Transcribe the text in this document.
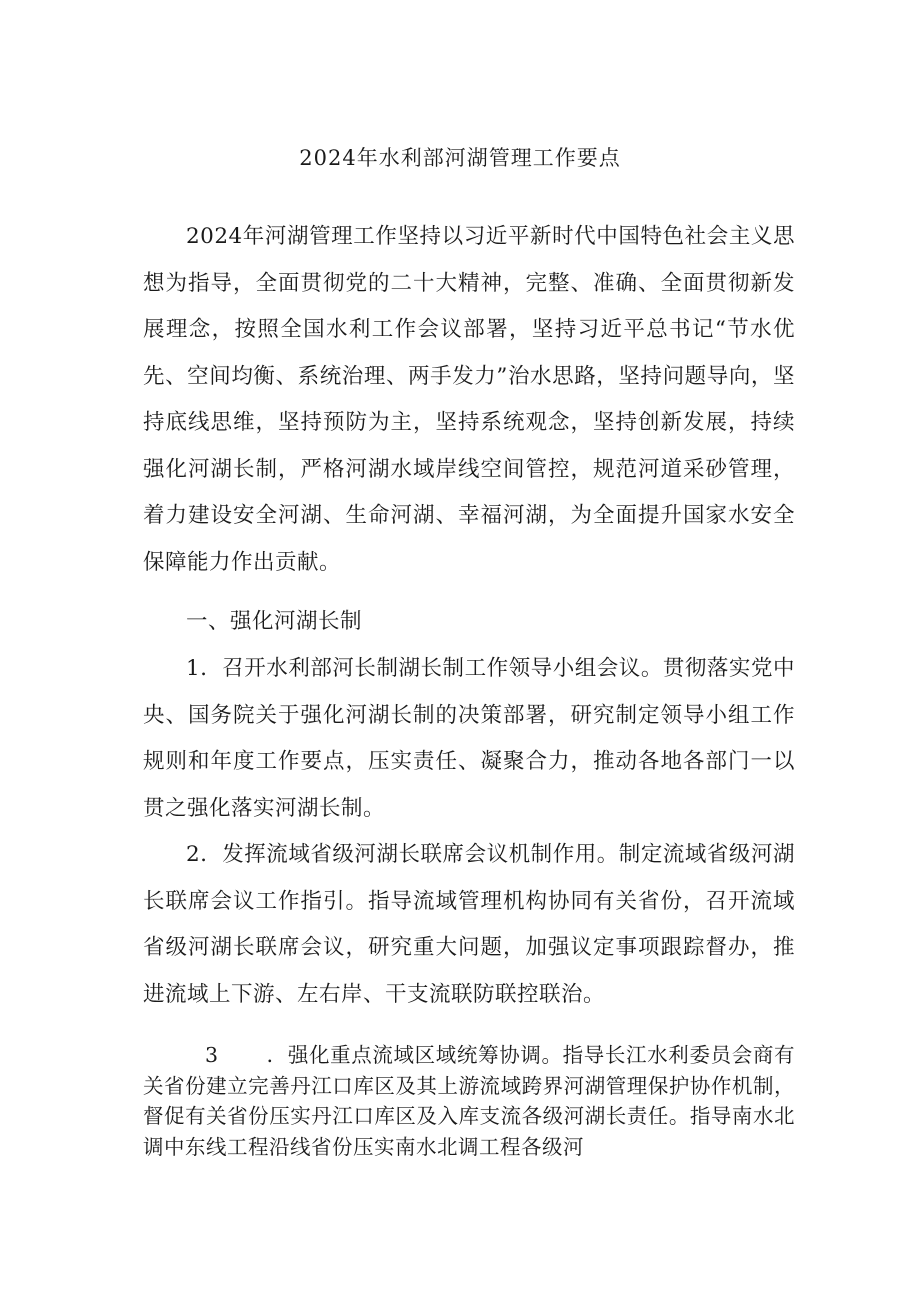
2024年水利部河湖管理工作要点

2024年河湖管理工作坚持以习近平新时代中国特色社会主义思想为指导，全面贯彻党的二十大精神，完整、准确、全面贯彻新发展理念，按照全国水利工作会议部署，坚持习近平总书记“节水优先、空间均衡、系统治理、两手发力”治水思路，坚持问题导向，坚持底线思维，坚持预防为主，坚持系统观念，坚持创新发展，持续强化河湖长制，严格河湖水域岸线空间管控，规范河道采砂管理，着力建设安全河湖、生命河湖、幸福河湖，为全面提升国家水安全保障能力作出贡献。

一、强化河湖长制

1．召开水利部河长制湖长制工作领导小组会议。贯彻落实党中央、国务院关于强化河湖长制的决策部署，研究制定领导小组工作规则和年度工作要点，压实责任、凝聚合力，推动各地各部门一以贯之强化落实河湖长制。

2．发挥流域省级河湖长联席会议机制作用。制定流域省级河湖长联席会议工作指引。指导流域管理机构协同有关省份，召开流域省级河湖长联席会议，研究重大问题，加强议定事项跟踪督办，推进流域上下游、左右岸、干支流联防联控联治。

3 ．强化重点流域区域统筹协调。指导长江水利委员会商有关省份建立完善丹江口库区及其上游流域跨界河湖管理保护协作机制，督促有关省份压实丹江口库区及入库支流各级河湖长责任。指导南水北调中东线工程沿线省份压实南水北调工程各级河
